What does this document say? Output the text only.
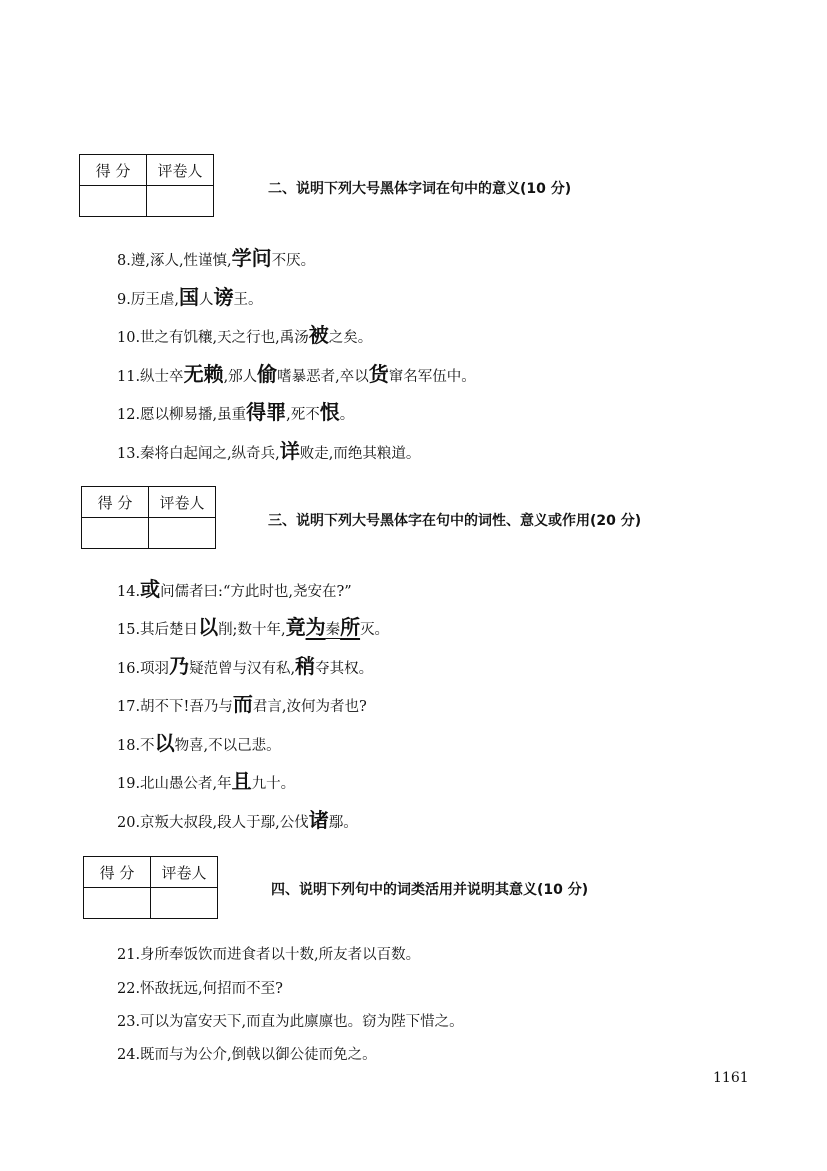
得 分	评卷人

二、说明下列大号黑体字词在句中的意义(10 分)
8.遵,涿人,性谨慎,学问不厌。
9.厉王虐,国人谤王。
10.世之有饥穰,天之行也,禹汤被之矣。
11.纵士卒无赖,邠人偷嗜暴恶者,卒以货窜名军伍中。
12.愿以柳易播,虽重得罪,死不恨。
13.秦将白起闻之,纵奇兵,详败走,而绝其粮道。
得 分	评卷人

三、说明下列大号黑体字在句中的词性、意义或作用(20 分)
14.或问儒者曰:“方此时也,尧安在?”
15.其后楚日以削;数十年,竟为秦所灭。
16.项羽乃疑范曾与汉有私,稍夺其权。
17.胡不下!吾乃与而君言,汝何为者也?
18.不以物喜,不以己悲。
19.北山愚公者,年且九十。
20.京叛大叔段,段人于鄢,公伐诸鄢。
得 分	评卷人

四、说明下列句中的词类活用并说明其意义(10 分)
21.身所奉饭饮而进食者以十数,所友者以百数。
22.怀敌抚远,何招而不至?
23.可以为富安天下,而直为此廪廪也。窃为陛下惜之。
24.既而与为公介,倒戟以御公徒而免之。
1161
